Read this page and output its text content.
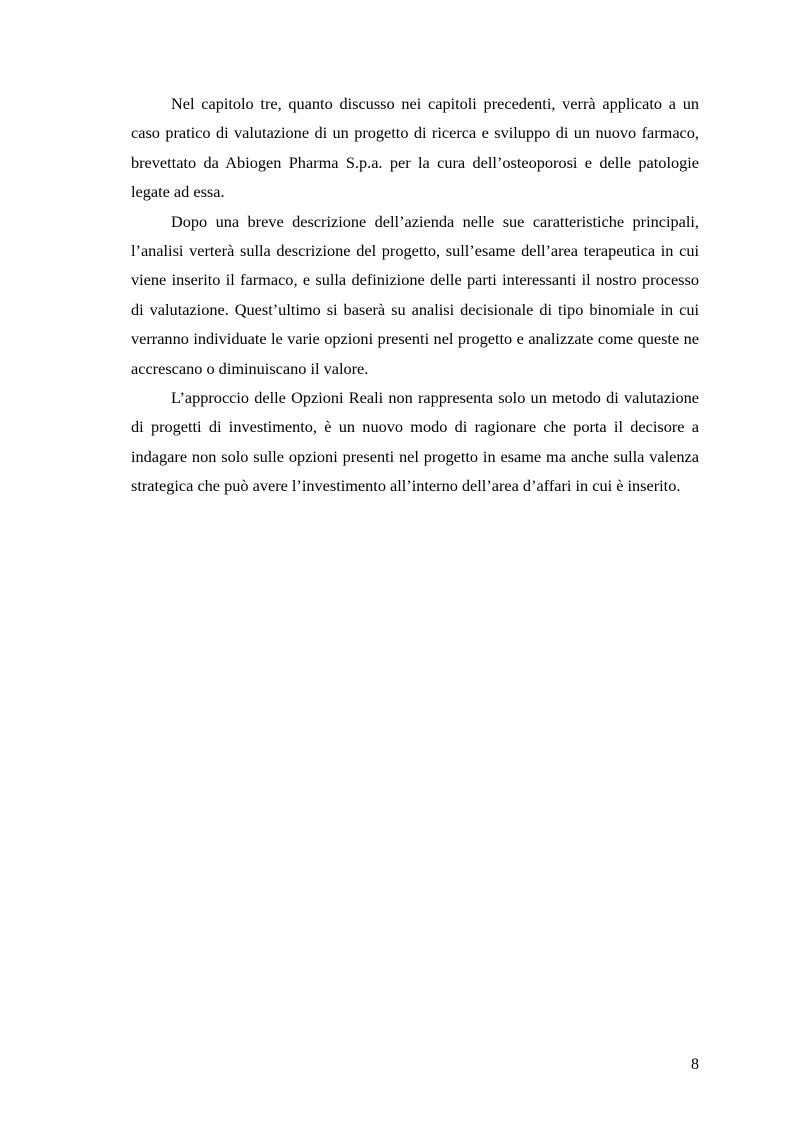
Nel capitolo tre, quanto discusso nei capitoli precedenti, verrà applicato a un caso pratico di valutazione di un progetto di ricerca e sviluppo di un nuovo farmaco, brevettato da Abiogen Pharma S.p.a. per la cura dell’osteoporosi e delle patologie legate ad essa.

Dopo una breve descrizione dell’azienda nelle sue caratteristiche principali, l’analisi verterà sulla descrizione del progetto, sull’esame dell’area terapeutica in cui viene inserito il farmaco, e sulla definizione delle parti interessanti il nostro processo di valutazione. Quest’ultimo si baserà su analisi decisionale di tipo binomiale in cui verranno individuate le varie opzioni presenti nel progetto e analizzate come queste ne accrescano o diminuiscano il valore.

L’approccio delle Opzioni Reali non rappresenta solo un metodo di valutazione di progetti di investimento, è un nuovo modo di ragionare che porta il decisore a indagare non solo sulle opzioni presenti nel progetto in esame ma anche sulla valenza strategica che può avere l’investimento all’interno dell’area d’affari in cui è inserito.

8
